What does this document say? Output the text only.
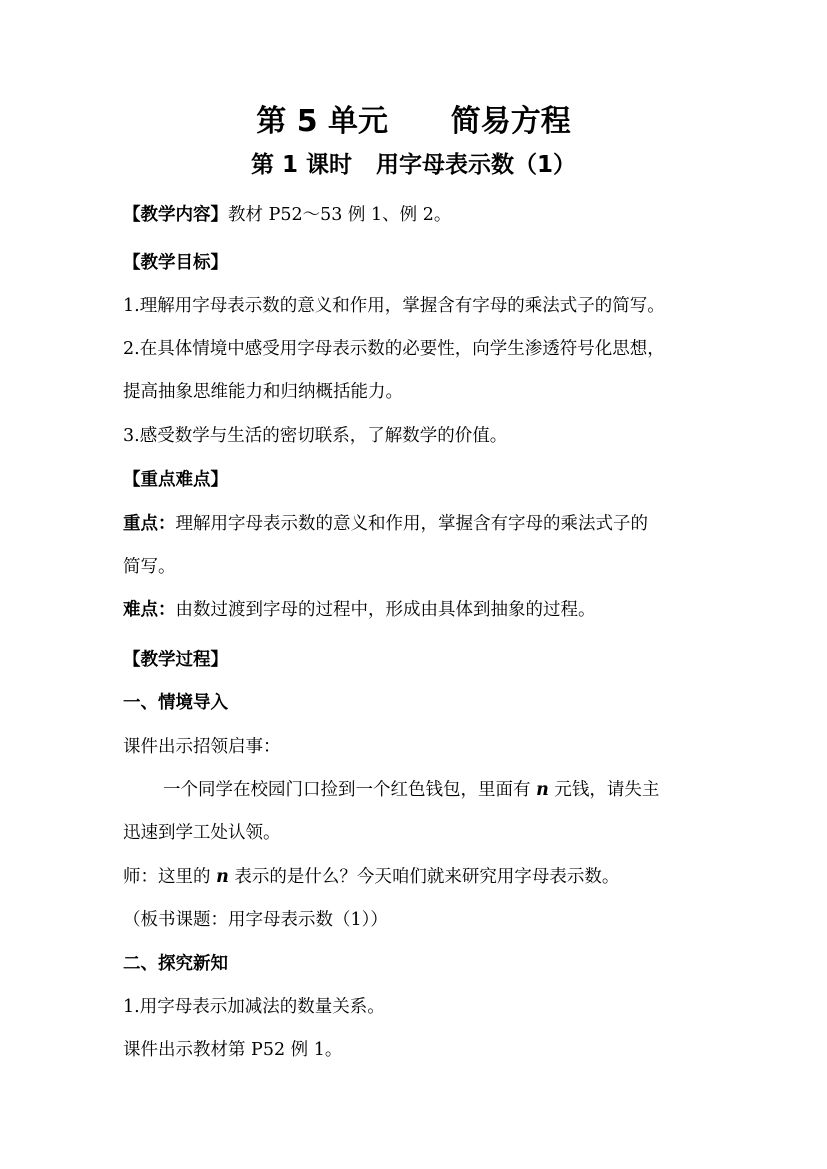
第 5 单元      简易方程
第 1 课时   用字母表示数（1）
【教学内容】教材 P52～53 例 1、例 2。
【教学目标】
1.理解用字母表示数的意义和作用，掌握含有字母的乘法式子的简写。
2.在具体情境中感受用字母表示数的必要性，向学生渗透符号化思想，
提高抽象思维能力和归纳概括能力。
3.感受数学与生活的密切联系，了解数学的价值。
【重点难点】
重点：理解用字母表示数的意义和作用，掌握含有字母的乘法式子的
简写。
难点：由数过渡到字母的过程中，形成由具体到抽象的过程。
【教学过程】
一、情境导入
课件出示招领启事：
一个同学在校园门口捡到一个红色钱包，里面有 n 元钱，请失主
迅速到学工处认领。
师：这里的 n 表示的是什么？今天咱们就来研究用字母表示数。
（板书课题：用字母表示数（1））
二、探究新知
1.用字母表示加减法的数量关系。
课件出示教材第 P52 例 1。
